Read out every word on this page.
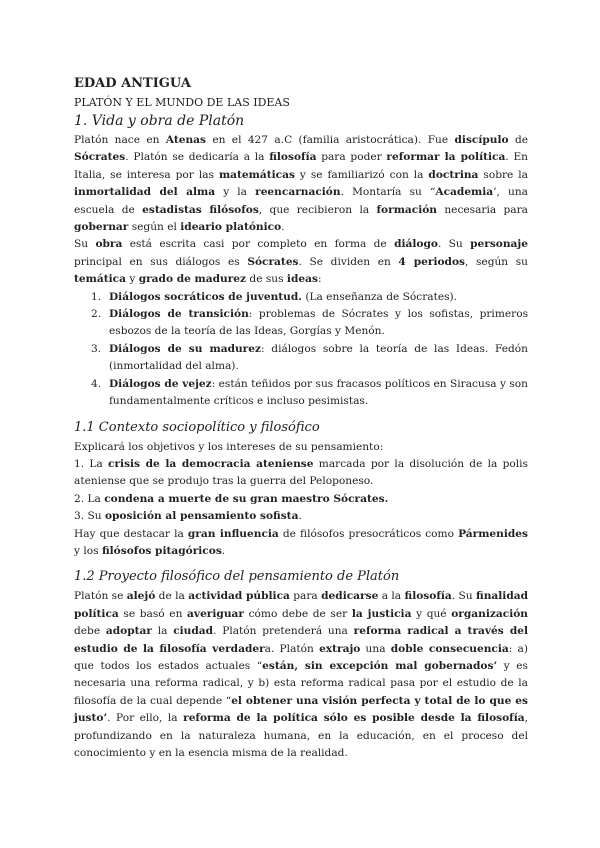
EDAD ANTIGUA
PLATÓN Y EL MUNDO DE LAS IDEAS
1. Vida y obra de Platón

Platón nace en Atenas en el 427 a.C (familia aristocrática). Fue discípulo de Sócrates. Platón se dedicaría a la filosofía para poder reformar la política. En Italia, se interesa por las matemáticas y se familiarizó con la doctrina sobre la inmortalidad del alma y la reencarnación. Montaría su “Academia’, una escuela de estadistas filósofos, que recibieron la formación necesaria para gobernar según el ideario platónico.

Su obra está escrita casi por completo en forma de diálogo. Su personaje principal en sus diálogos es Sócrates. Se dividen en 4 periodos, según su temática y grado de madurez de sus ideas:

1. Diálogos socráticos de juventud. (La enseñanza de Sócrates).
2. Diálogos de transición: problemas de Sócrates y los sofistas, primeros esbozos de la teoría de las Ideas, Gorgías y Menón.
3. Diálogos de su madurez: diálogos sobre la teoría de las Ideas. Fedón (inmortalidad del alma).
4. Diálogos de vejez: están teñidos por sus fracasos políticos en Siracusa y son fundamentalmente críticos e incluso pesimistas.
1.1 Contexto sociopolítico y filosófico

Explicará los objetivos y los intereses de su pensamiento:

1. La crisis de la democracia ateniense marcada por la disolución de la polis ateniense que se produjo tras la guerra del Peloponeso.

2. La condena a muerte de su gran maestro Sócrates.

3. Su oposición al pensamiento sofista.

Hay que destacar la gran influencia de filósofos presocráticos como Pármenides y los filósofos pitagóricos.

1.2 Proyecto filosófico del pensamiento de Platón

Platón se alejó de la actividad pública para dedicarse a la filosofía. Su finalidad política se basó en averiguar cómo debe de ser la justicia y qué organización debe adoptar la ciudad. Platón pretenderá una reforma radical a través del estudio de la filosofía verdadera. Platón extrajo una doble consecuencia: a) que todos los estados actuales “están, sin excepción mal gobernados’ y es necesaria una reforma radical, y b) esta reforma radical pasa por el estudio de la filosofía de la cual depende “el obtener una visión perfecta y total de lo que es justo’. Por ello, la reforma de la política sólo es posible desde la filosofía, profundizando en la naturaleza humana, en la educación, en el proceso del conocimiento y en la esencia misma de la realidad.
